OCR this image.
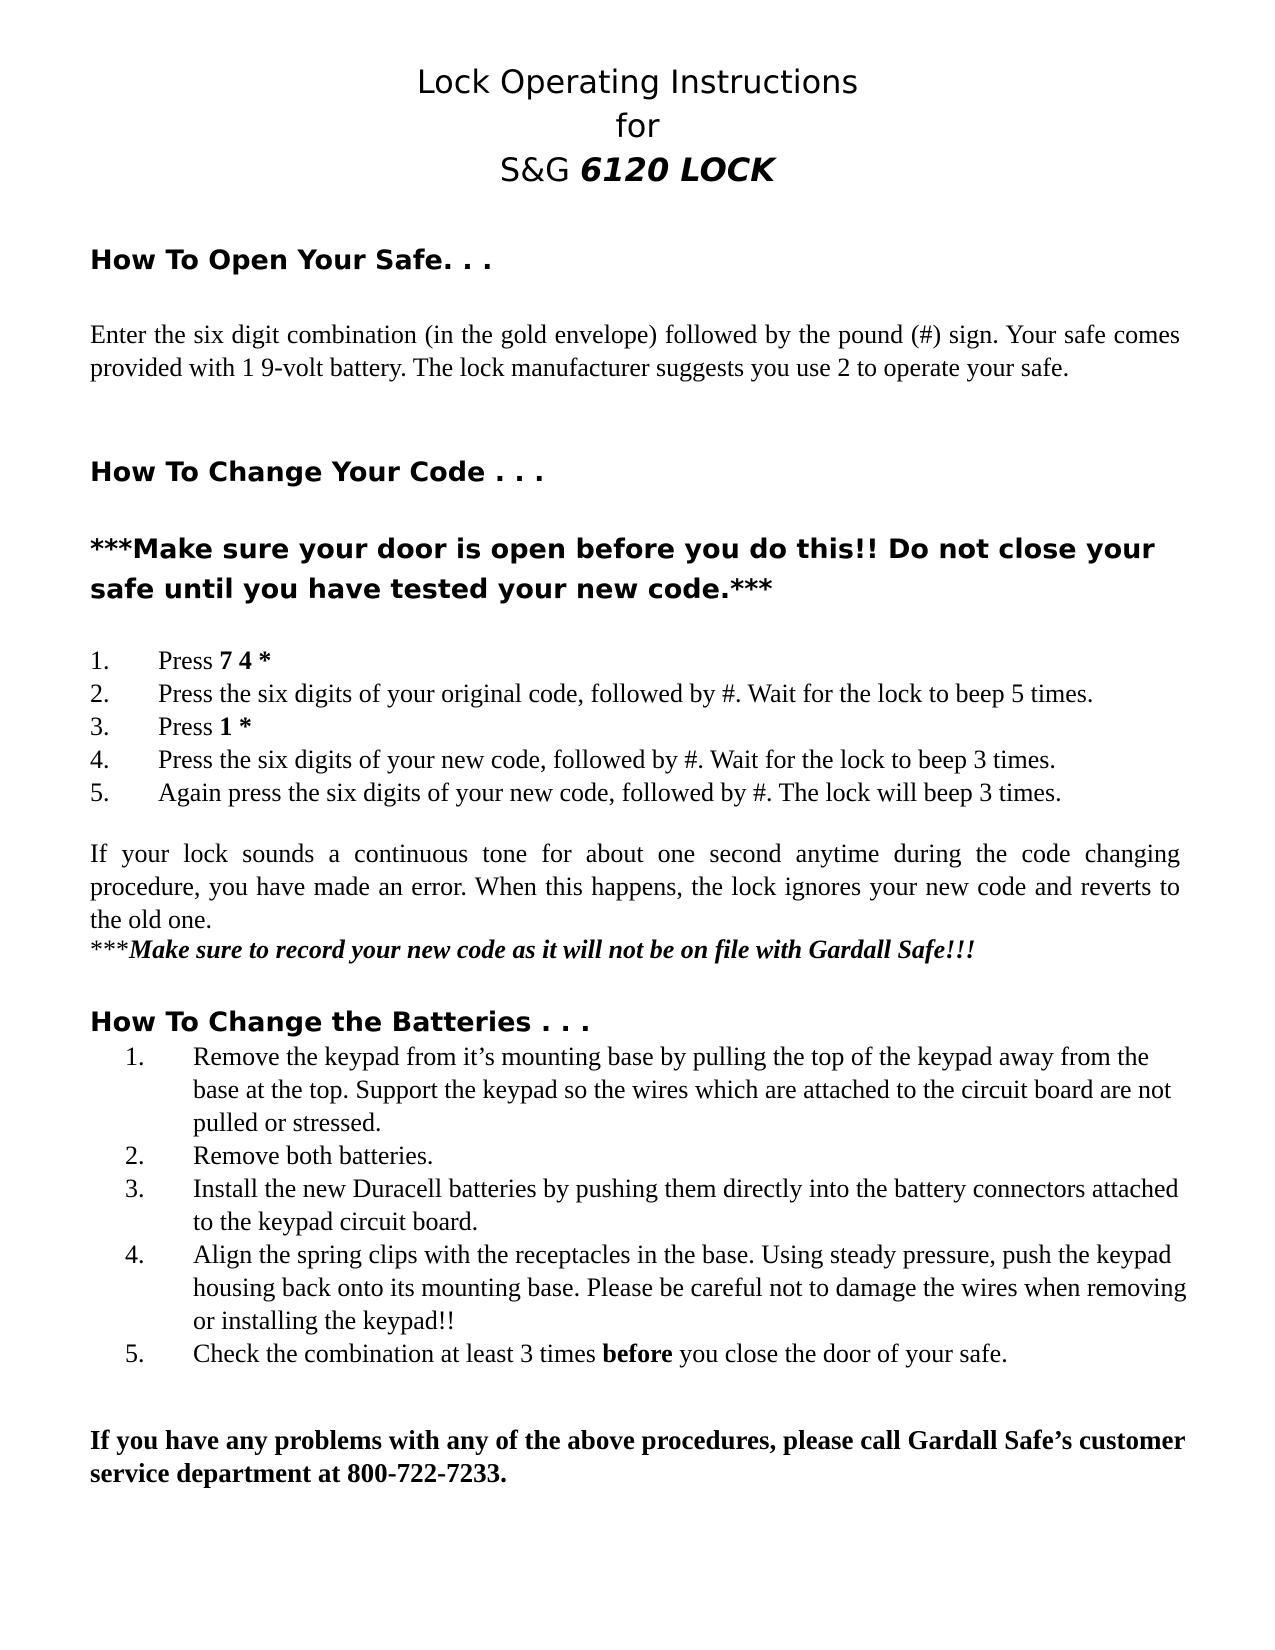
Lock Operating Instructions
for
S&G 6120 LOCK
How To Open Your Safe. . .
Enter the six digit combination (in the gold envelope) followed by the pound (#) sign. Your safe comes provided with 1 9-volt battery. The lock manufacturer suggests you use 2 to operate your safe.
How To Change Your Code . . .
***Make sure your door is open before you do this!! Do not close your safe until you have tested your new code.***
1. Press 7 4 *
2. Press the six digits of your original code, followed by #. Wait for the lock to beep 5 times.
3. Press 1 *
4. Press the six digits of your new code, followed by #. Wait for the lock to beep 3 times.
5. Again press the six digits of your new code, followed by #. The lock will beep 3 times.
If your lock sounds a continuous tone for about one second anytime during the code changing procedure, you have made an error. When this happens, the lock ignores your new code and reverts to the old one.
***Make sure to record your new code as it will not be on file with Gardall Safe!!!
How To Change the Batteries . . .
1. Remove the keypad from it’s mounting base by pulling the top of the keypad away from the base at the top. Support the keypad so the wires which are attached to the circuit board are not pulled or stressed.
2. Remove both batteries.
3. Install the new Duracell batteries by pushing them directly into the battery connectors attached to the keypad circuit board.
4. Align the spring clips with the receptacles in the base. Using steady pressure, push the keypad housing back onto its mounting base. Please be careful not to damage the wires when removing or installing the keypad!!
5. Check the combination at least 3 times before you close the door of your safe.
If you have any problems with any of the above procedures, please call Gardall Safe’s customer service department at 800-722-7233.
